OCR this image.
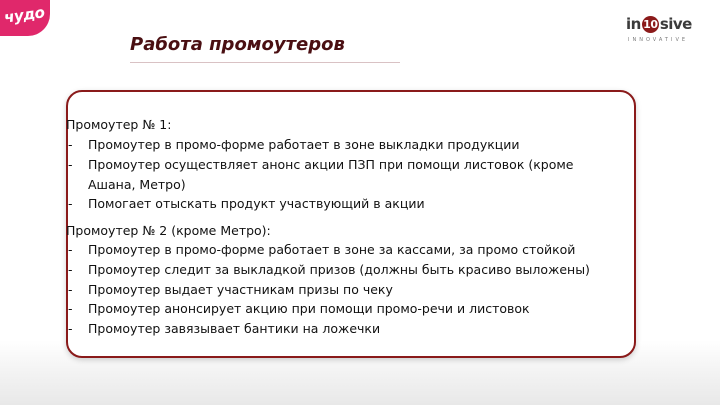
чудо
Работа промоутеров
in 10 sive
INNOVATIVE

Промоутер № 1:

- Промоутер в промо-форме работает в зоне выкладки продукции
- Промоутер осуществляет анонс акции ПЗП при помощи листовок (кроме
Ашана, Метро)
- Помогает отыскать продукт участвующий в акции

Промоутер № 2 (кроме Метро):

- Промоутер в промо-форме работает в зоне за кассами, за промо стойкой
- Промоутер следит за выкладкой призов (должны быть красиво выложены)
- Промоутер выдает участникам призы по чеку
- Промоутер анонсирует акцию при помощи промо-речи и листовок
- Промоутер завязывает бантики на ложечки
